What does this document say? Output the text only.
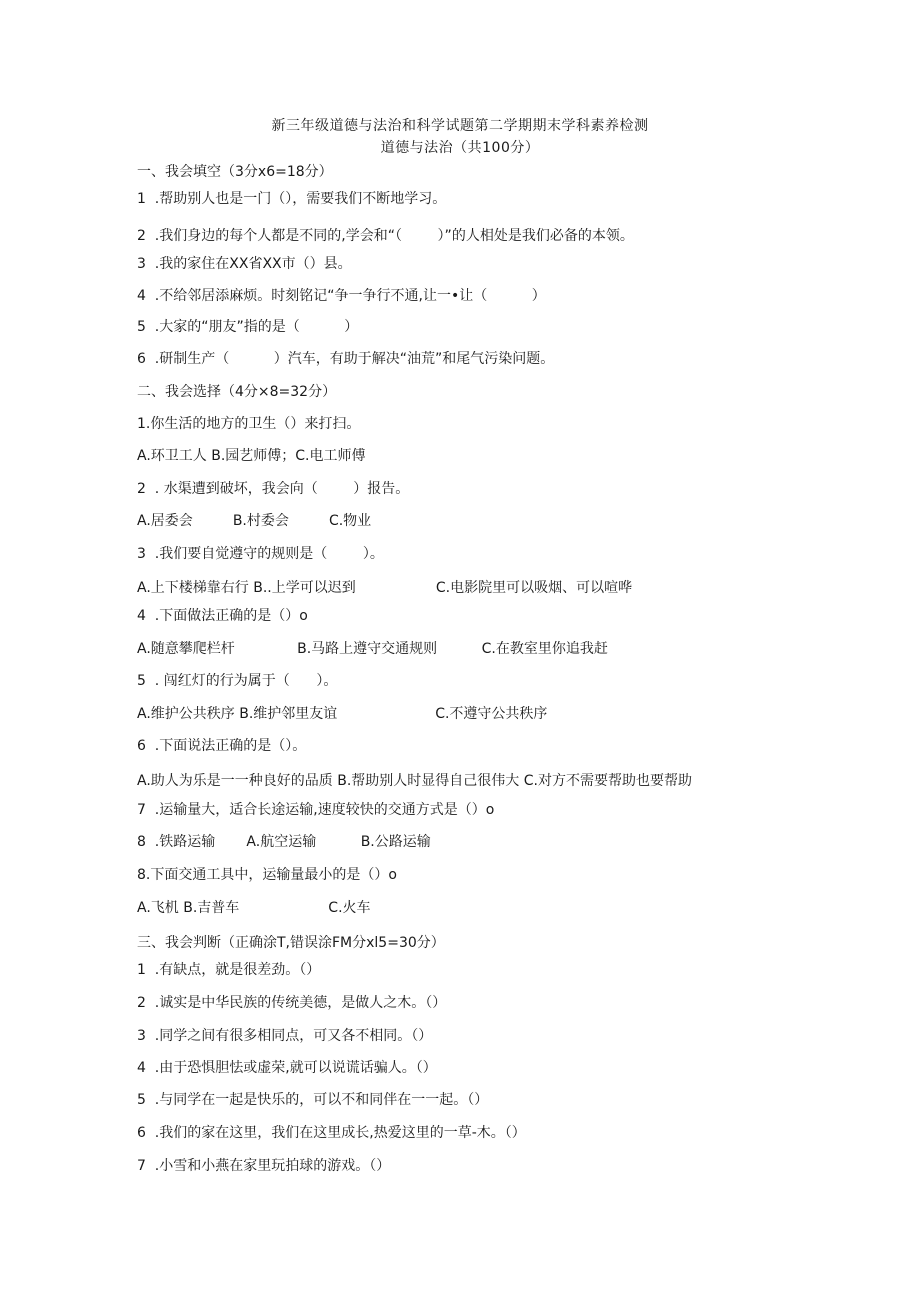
新三年级道德与法治和科学试题第二学期期末学科素养检测
道德与法治（共100分）
一、我会填空（3分x6=18分）
1  .帮助别人也是一门（），需要我们不断地学习。
2  .我们身边的每个人都是不同的,学会和“（        ）”的人相处是我们必备的本领。
3  .我的家住在XX省XX市（）县。
4  .不给邻居添麻烦。时刻铭记“争一争行不通,让一•让（          ）
5  .大家的“朋友”指的是（          ）
6  .研制生产（          ）汽车，有助于解决“油荒”和尾气污染问题。
二、我会选择（4分×8=32分）
1.你生活的地方的卫生（）来打扫。
A.环卫工人 B.园艺师傅；C.电工师傅
2  . 水渠遭到破坏，我会向（        ）报告。
A.居委会         B.村委会         C.物业
3  .我们要自觉遵守的规则是（        ）。
A.上下楼梯靠右行 B..上学可以迟到                  C.电影院里可以吸烟、可以喧哗
4  .下面做法正确的是（）o
A.随意攀爬栏杆              B.马路上遵守交通规则          C.在教室里你追我赶
5  . 闯红灯的行为属于（      ）。
A.维护公共秩序 B.维护邻里友谊                      C.不遵守公共秩序
6  .下面说法正确的是（）。
A.助人为乐是一一种良好的品质 B.帮助别人时显得自己很伟大 C.对方不需要帮助也要帮助
7  .运输量大，适合长途运输,速度较快的交通方式是（）o
8  .铁路运输       A.航空运输          B.公路运输
8.下面交通工具中，运输量最小的是（）o
A.飞机 B.吉普车                    C.火车
三、我会判断（正确涂T,错误涂FM分xl5=30分）
1  .有缺点，就是很差劲。（）
2  .诚实是中华民族的传统美德，是做人之木。（）
3  .同学之间有很多相同点，可又各不相同。（）
4  .由于恐惧胆怯或虚荣,就可以说谎话骗人。（）
5  .与同学在一起是快乐的，可以不和同伴在一一起。（）
6  .我们的家在这里，我们在这里成长,热爱这里的一草-木。（）
7  .小雪和小燕在家里玩拍球的游戏。（）
